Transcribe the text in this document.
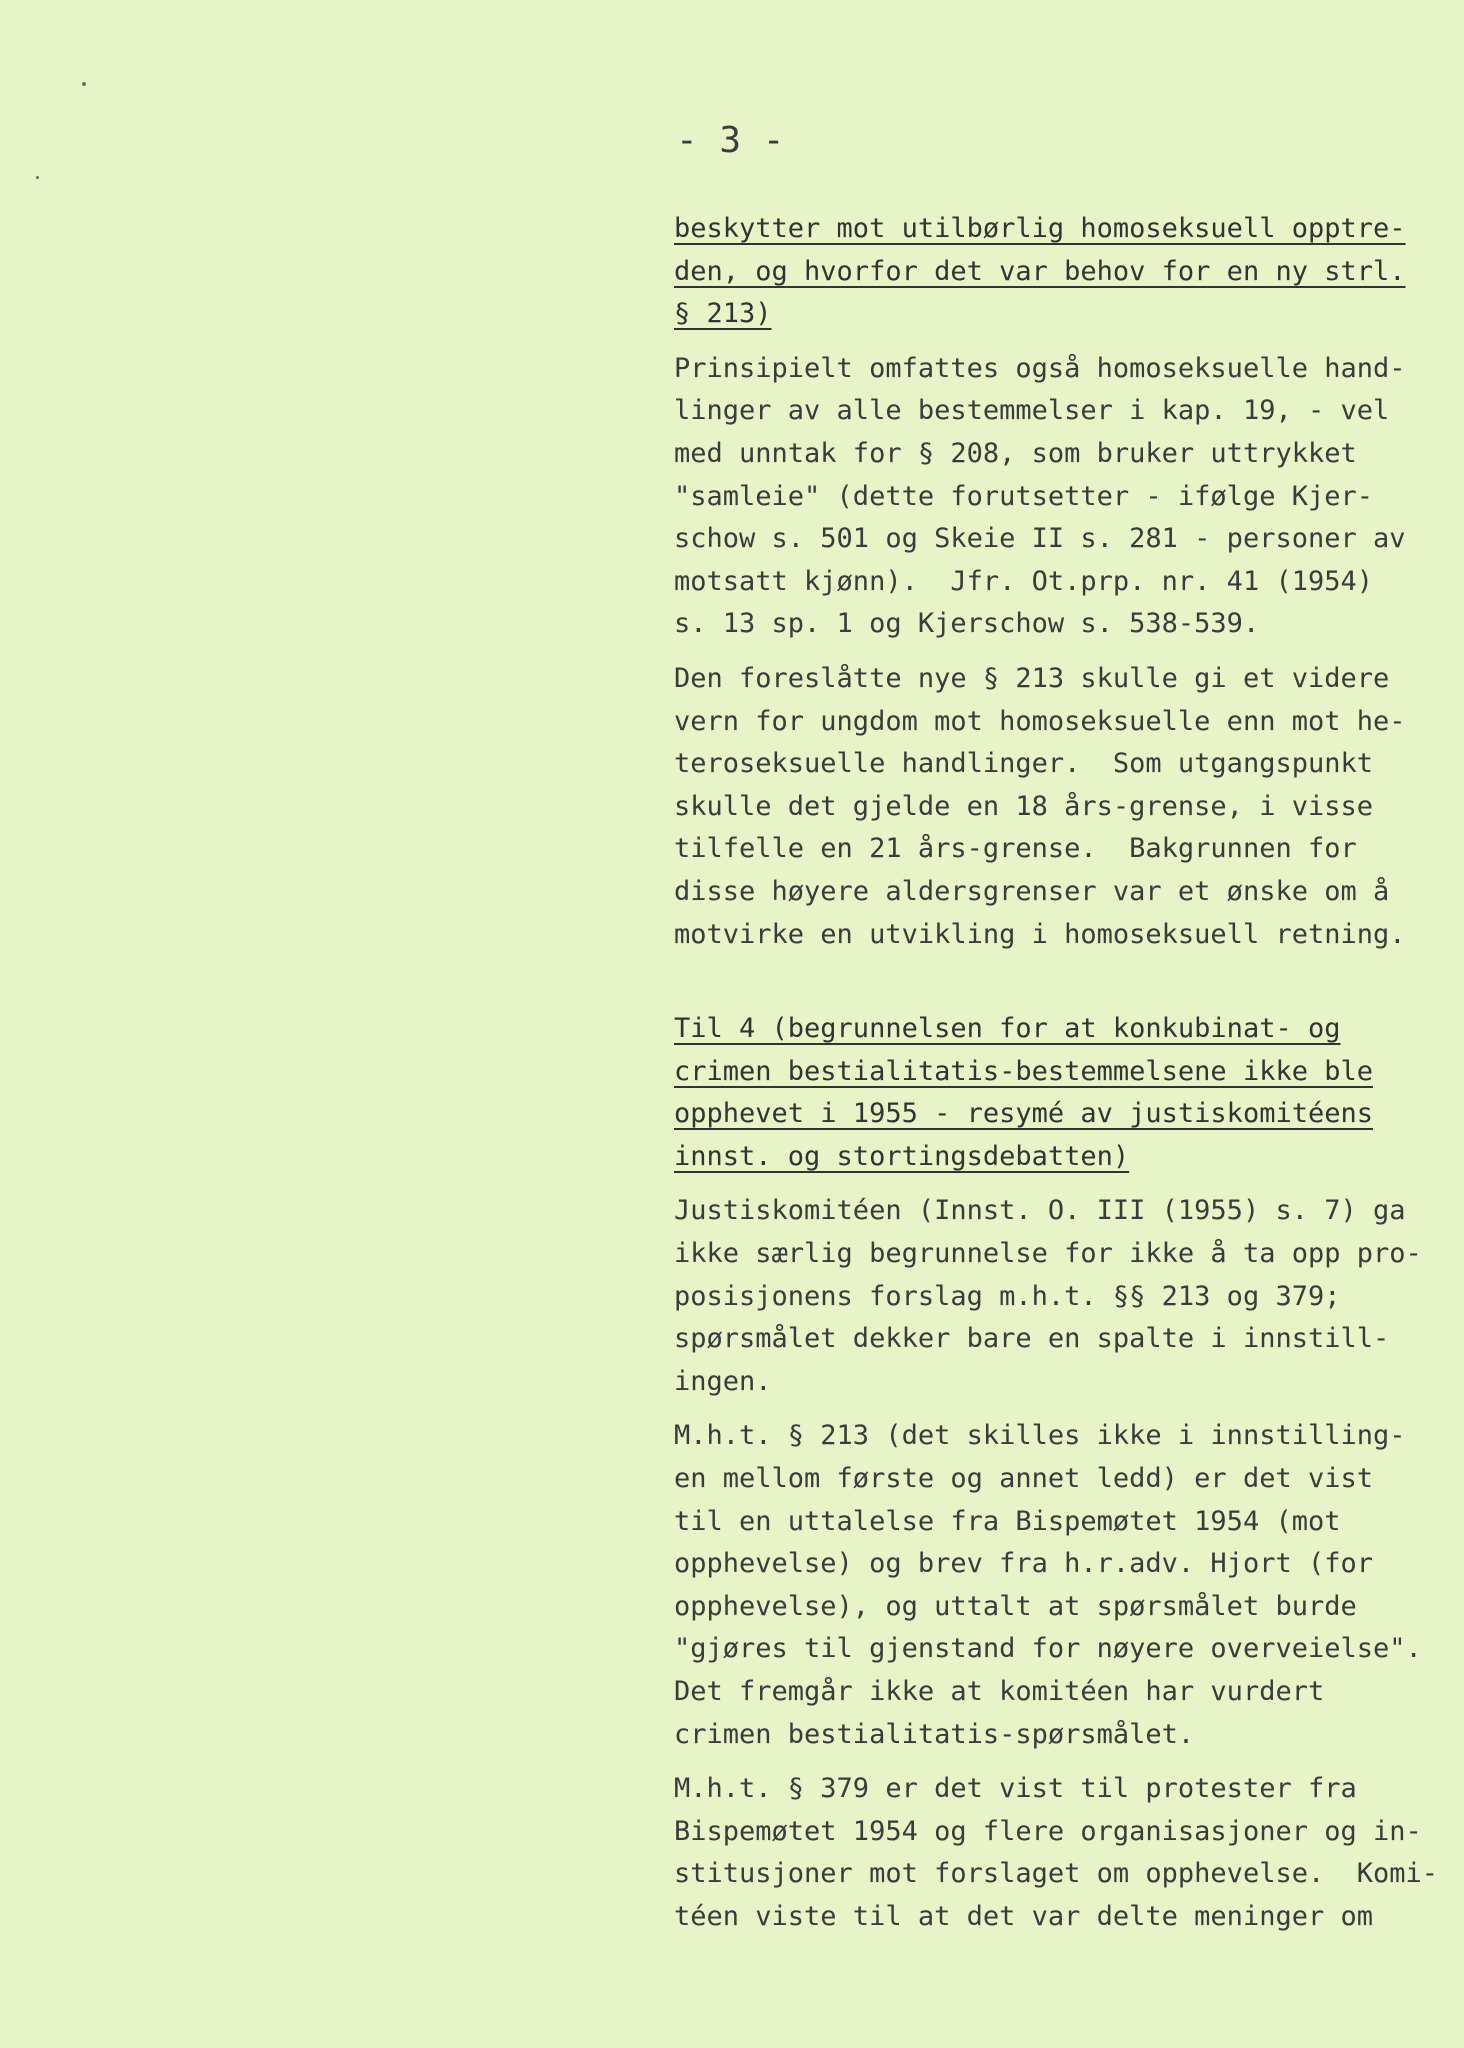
- 3 -
beskytter mot utilbørlig homoseksuell opptre-
den, og hvorfor det var behov for en ny strl.
§ 213)
Prinsipielt omfattes også homoseksuelle hand-
linger av alle bestemmelser i kap. 19, - vel
med unntak for § 208, som bruker uttrykket
"samleie" (dette forutsetter - ifølge Kjer-
schow s. 501 og Skeie II s. 281 - personer av
motsatt kjønn).  Jfr. Ot.prp. nr. 41 (1954)
s. 13 sp. 1 og Kjerschow s. 538-539.
Den foreslåtte nye § 213 skulle gi et videre
vern for ungdom mot homoseksuelle enn mot he-
teroseksuelle handlinger.  Som utgangspunkt
skulle det gjelde en 18 års-grense, i visse
tilfelle en 21 års-grense.  Bakgrunnen for
disse høyere aldersgrenser var et ønske om å
motvirke en utvikling i homoseksuell retning.
Til 4 (begrunnelsen for at konkubinat- og
crimen bestialitatis-bestemmelsene ikke ble
opphevet i 1955 - resymé av justiskomitéens
innst. og stortingsdebatten)
Justiskomitéen (Innst. O. III (1955) s. 7) ga
ikke særlig begrunnelse for ikke å ta opp pro-
posisjonens forslag m.h.t. §§ 213 og 379;
spørsmålet dekker bare en spalte i innstill-
ingen.
M.h.t. § 213 (det skilles ikke i innstilling-
en mellom første og annet ledd) er det vist
til en uttalelse fra Bispemøtet 1954 (mot
opphevelse) og brev fra h.r.adv. Hjort (for
opphevelse), og uttalt at spørsmålet burde
"gjøres til gjenstand for nøyere overveielse".
Det fremgår ikke at komitéen har vurdert
crimen bestialitatis-spørsmålet.
M.h.t. § 379 er det vist til protester fra
Bispemøtet 1954 og flere organisasjoner og in-
stitusjoner mot forslaget om opphevelse.  Komi-
téen viste til at det var delte meninger om
